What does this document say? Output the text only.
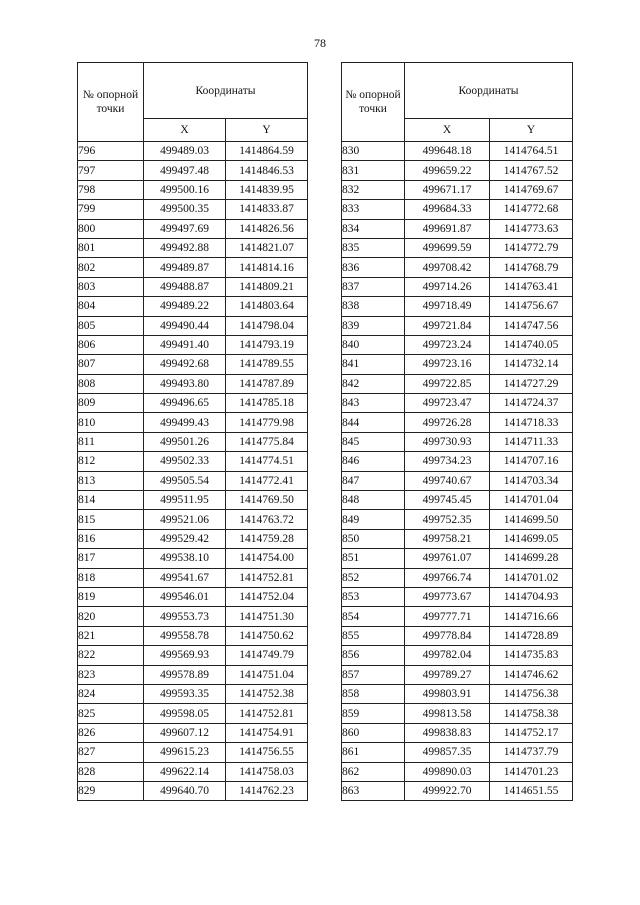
78
№ опорной точки	Координаты	
	X	Y
796	499489.03	1414864.59
797	499497.48	1414846.53
798	499500.16	1414839.95
799	499500.35	1414833.87
800	499497.69	1414826.56
801	499492.88	1414821.07
802	499489.87	1414814.16
803	499488.87	1414809.21
804	499489.22	1414803.64
805	499490.44	1414798.04
806	499491.40	1414793.19
807	499492.68	1414789.55
808	499493.80	1414787.89
809	499496.65	1414785.18
810	499499.43	1414779.98
811	499501.26	1414775.84
812	499502.33	1414774.51
813	499505.54	1414772.41
814	499511.95	1414769.50
815	499521.06	1414763.72
816	499529.42	1414759.28
817	499538.10	1414754.00
818	499541.67	1414752.81
819	499546.01	1414752.04
820	499553.73	1414751.30
821	499558.78	1414750.62
822	499569.93	1414749.79
823	499578.89	1414751.04
824	499593.35	1414752.38
825	499598.05	1414752.81
826	499607.12	1414754.91
827	499615.23	1414756.55
828	499622.14	1414758.03
829	499640.70	1414762.23
№ опорной точки	Координаты	
	X	Y
830	499648.18	1414764.51
831	499659.22	1414767.52
832	499671.17	1414769.67
833	499684.33	1414772.68
834	499691.87	1414773.63
835	499699.59	1414772.79
836	499708.42	1414768.79
837	499714.26	1414763.41
838	499718.49	1414756.67
839	499721.84	1414747.56
840	499723.24	1414740.05
841	499723.16	1414732.14
842	499722.85	1414727.29
843	499723.47	1414724.37
844	499726.28	1414718.33
845	499730.93	1414711.33
846	499734.23	1414707.16
847	499740.67	1414703.34
848	499745.45	1414701.04
849	499752.35	1414699.50
850	499758.21	1414699.05
851	499761.07	1414699.28
852	499766.74	1414701.02
853	499773.67	1414704.93
854	499777.71	1414716.66
855	499778.84	1414728.89
856	499782.04	1414735.83
857	499789.27	1414746.62
858	499803.91	1414756.38
859	499813.58	1414758.38
860	499838.83	1414752.17
861	499857.35	1414737.79
862	499890.03	1414701.23
863	499922.70	1414651.55
